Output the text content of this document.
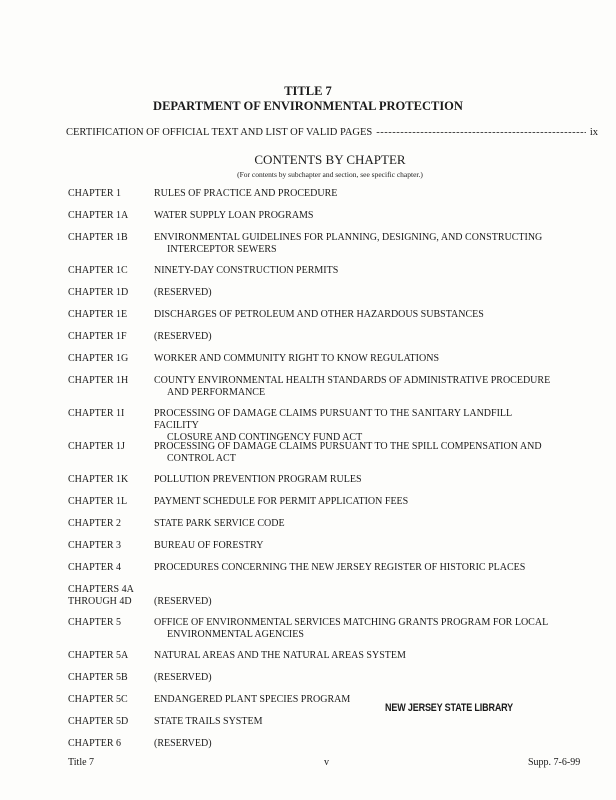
TITLE 7
DEPARTMENT OF ENVIRONMENTAL PROTECTION
CERTIFICATION OF OFFICIAL TEXT AND LIST OF VALID PAGES
-----	ix
CONTENTS BY CHAPTER
(For contents by subchapter and section, see specific chapter.)
CHAPTER 1	RULES OF PRACTICE AND PROCEDURE
CHAPTER 1A	WATER SUPPLY LOAN PROGRAMS
CHAPTER 1B	ENVIRONMENTAL GUIDELINES FOR PLANNING, DESIGNING, AND CONSTRUCTING
INTERCEPTOR SEWERS
CHAPTER 1C	NINETY-DAY CONSTRUCTION PERMITS
CHAPTER 1D	(RESERVED)
CHAPTER 1E	DISCHARGES OF PETROLEUM AND OTHER HAZARDOUS SUBSTANCES
CHAPTER 1F	(RESERVED)
CHAPTER 1G	WORKER AND COMMUNITY RIGHT TO KNOW REGULATIONS
CHAPTER 1H	COUNTY ENVIRONMENTAL HEALTH STANDARDS OF ADMINISTRATIVE PROCEDURE
AND PERFORMANCE
CHAPTER 1I	PROCESSING OF DAMAGE CLAIMS PURSUANT TO THE SANITARY LANDFILL FACILITY
CLOSURE AND CONTINGENCY FUND ACT
CHAPTER 1J	PROCESSING OF DAMAGE CLAIMS PURSUANT TO THE SPILL COMPENSATION AND
CONTROL ACT
CHAPTER 1K	POLLUTION PREVENTION PROGRAM RULES
CHAPTER 1L	PAYMENT SCHEDULE FOR PERMIT APPLICATION FEES
CHAPTER 2	STATE PARK SERVICE CODE
CHAPTER 3	BUREAU OF FORESTRY
CHAPTER 4	PROCEDURES CONCERNING THE NEW JERSEY REGISTER OF HISTORIC PLACES
CHAPTERS 4A
THROUGH 4D	(RESERVED)
CHAPTER 5	OFFICE OF ENVIRONMENTAL SERVICES MATCHING GRANTS PROGRAM FOR LOCAL
ENVIRONMENTAL AGENCIES
CHAPTER 5A	NATURAL AREAS AND THE NATURAL AREAS SYSTEM
CHAPTER 5B	(RESERVED)
CHAPTER 5C	ENDANGERED PLANT SPECIES PROGRAM
CHAPTER 5D	STATE TRAILS SYSTEM
CHAPTER 6	(RESERVED)
NEW JERSEY STATE LIBRARY
Title 7	v	Supp. 7-6-99
